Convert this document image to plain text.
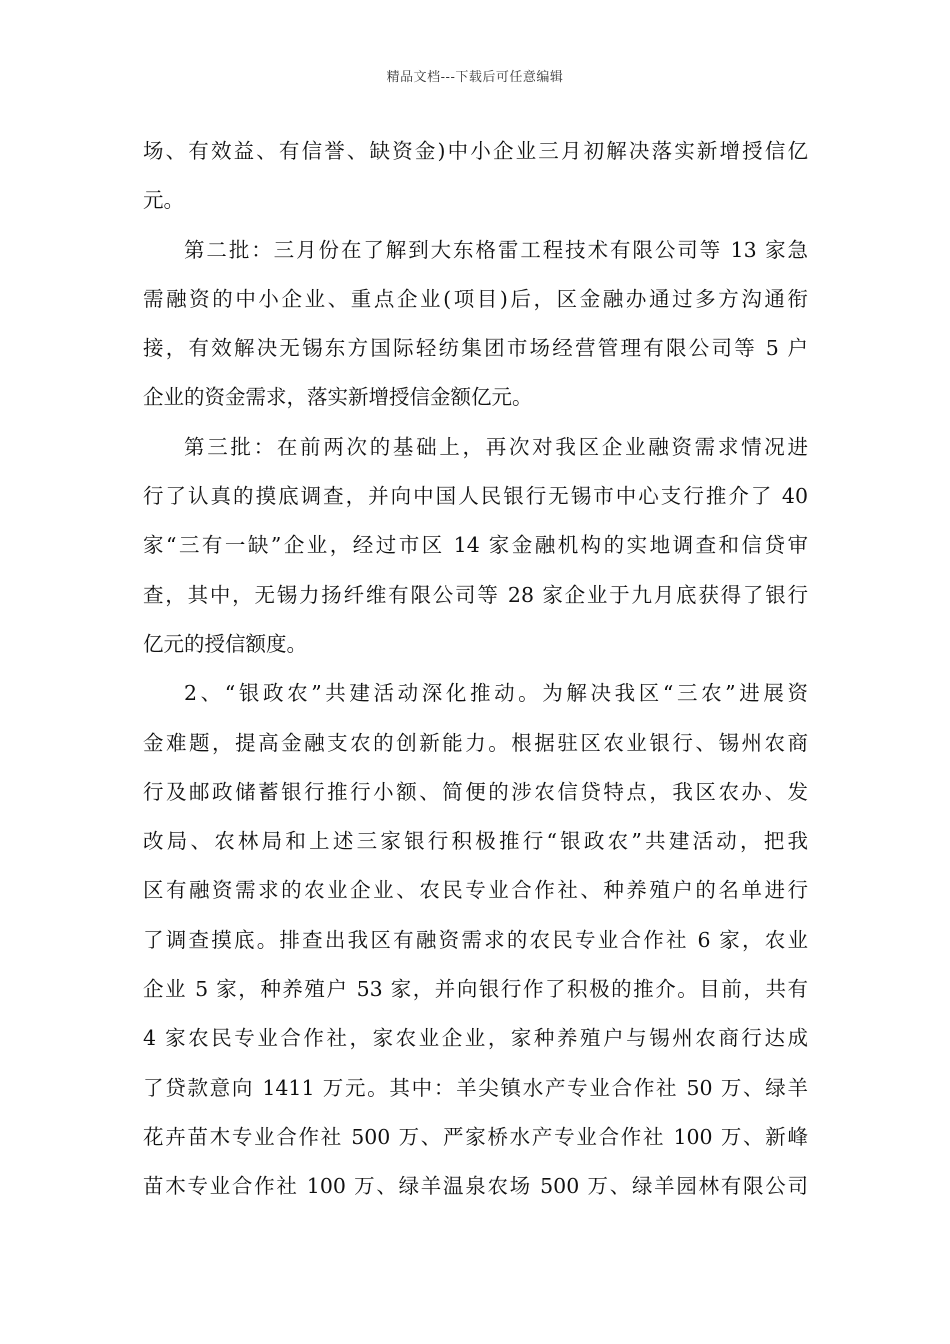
精品文档---下载后可任意编辑
场、有效益、有信誉、缺资金)中小企业三月初解决落实新增授信亿
元。
第二批：三月份在了解到大东格雷工程技术有限公司等 13 家急
需融资的中小企业、重点企业(项目)后，区金融办通过多方沟通衔
接，有效解决无锡东方国际轻纺集团市场经营管理有限公司等 5 户
企业的资金需求，落实新增授信金额亿元。
第三批：在前两次的基础上，再次对我区企业融资需求情况进
行了认真的摸底调查，并向中国人民银行无锡市中心支行推介了 40
家“三有一缺”企业，经过市区 14 家金融机构的实地调查和信贷审
查，其中，无锡力扬纤维有限公司等 28 家企业于九月底获得了银行
亿元的授信额度。
2、“银政农”共建活动深化推动。为解决我区“三农”进展资
金难题，提高金融支农的创新能力。根据驻区农业银行、锡州农商
行及邮政储蓄银行推行小额、简便的涉农信贷特点，我区农办、发
改局、农林局和上述三家银行积极推行“银政农”共建活动，把我
区有融资需求的农业企业、农民专业合作社、种养殖户的名单进行
了调查摸底。排查出我区有融资需求的农民专业合作社 6 家，农业
企业 5 家，种养殖户 53 家，并向银行作了积极的推介。目前，共有
4 家农民专业合作社，家农业企业，家种养殖户与锡州农商行达成
了贷款意向 1411 万元。其中：羊尖镇水产专业合作社 50 万、绿羊
花卉苗木专业合作社 500 万、严家桥水产专业合作社 100 万、新峰
苗木专业合作社 100 万、绿羊温泉农场 500 万、绿羊园林有限公司
